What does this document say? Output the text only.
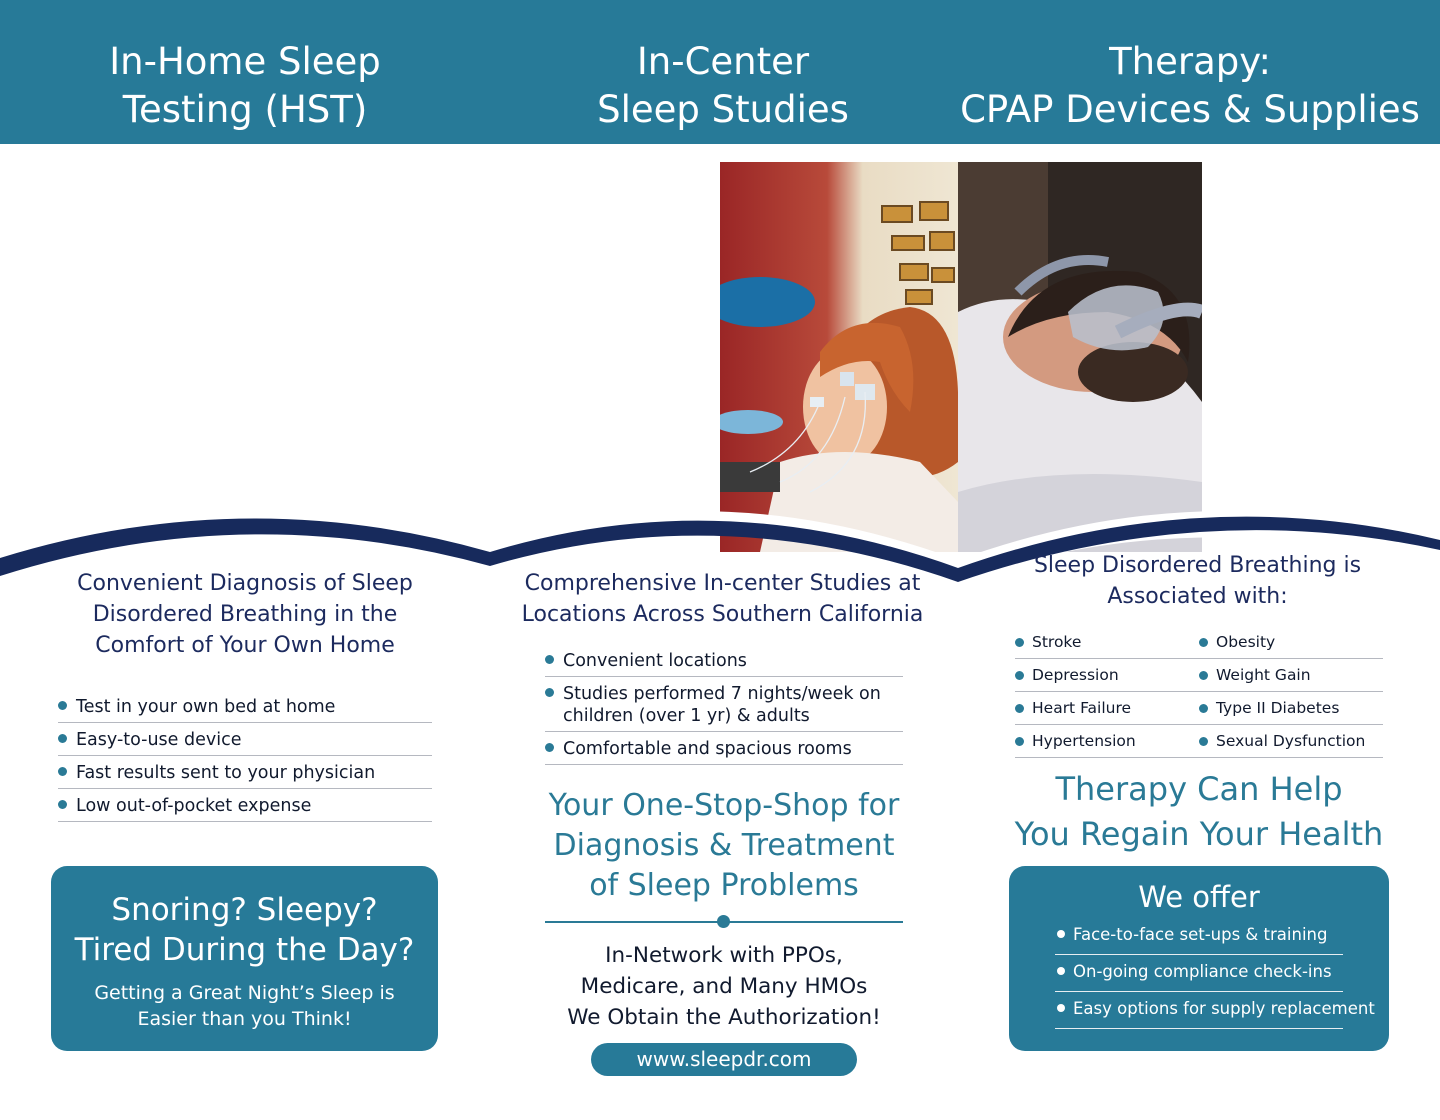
In-Home Sleep
Testing (HST)
In-Center
Sleep Studies
Therapy:
CPAP Devices & Supplies
Convenient Diagnosis of Sleep
Disordered Breathing in the
Comfort of Your Own Home
Test in your own bed at home
Easy-to-use device
Fast results sent to your physician
Low out-of-pocket expense
Snoring? Sleepy?
Tired During the Day?
Getting a Great Night’s Sleep is
Easier than you Think!
Comprehensive In-center Studies at
Locations Across Southern California
Convenient locations
Studies performed 7 nights/week on
children (over 1 yr) & adults
Comfortable and spacious rooms
Your One-Stop-Shop for
Diagnosis & Treatment
of Sleep Problems
In-Network with PPOs,
Medicare, and Many HMOs
We Obtain the Authorization!
www.sleepdr.com
Sleep Disordered Breathing is
Associated with:
Stroke	Obesity
Depression	Weight Gain
Heart Failure	Type II Diabetes
Hypertension	Sexual Dysfunction
Therapy Can Help
You Regain Your Health
We offer
Face-to-face set-ups & training
On-going compliance check-ins
Easy options for supply replacement
